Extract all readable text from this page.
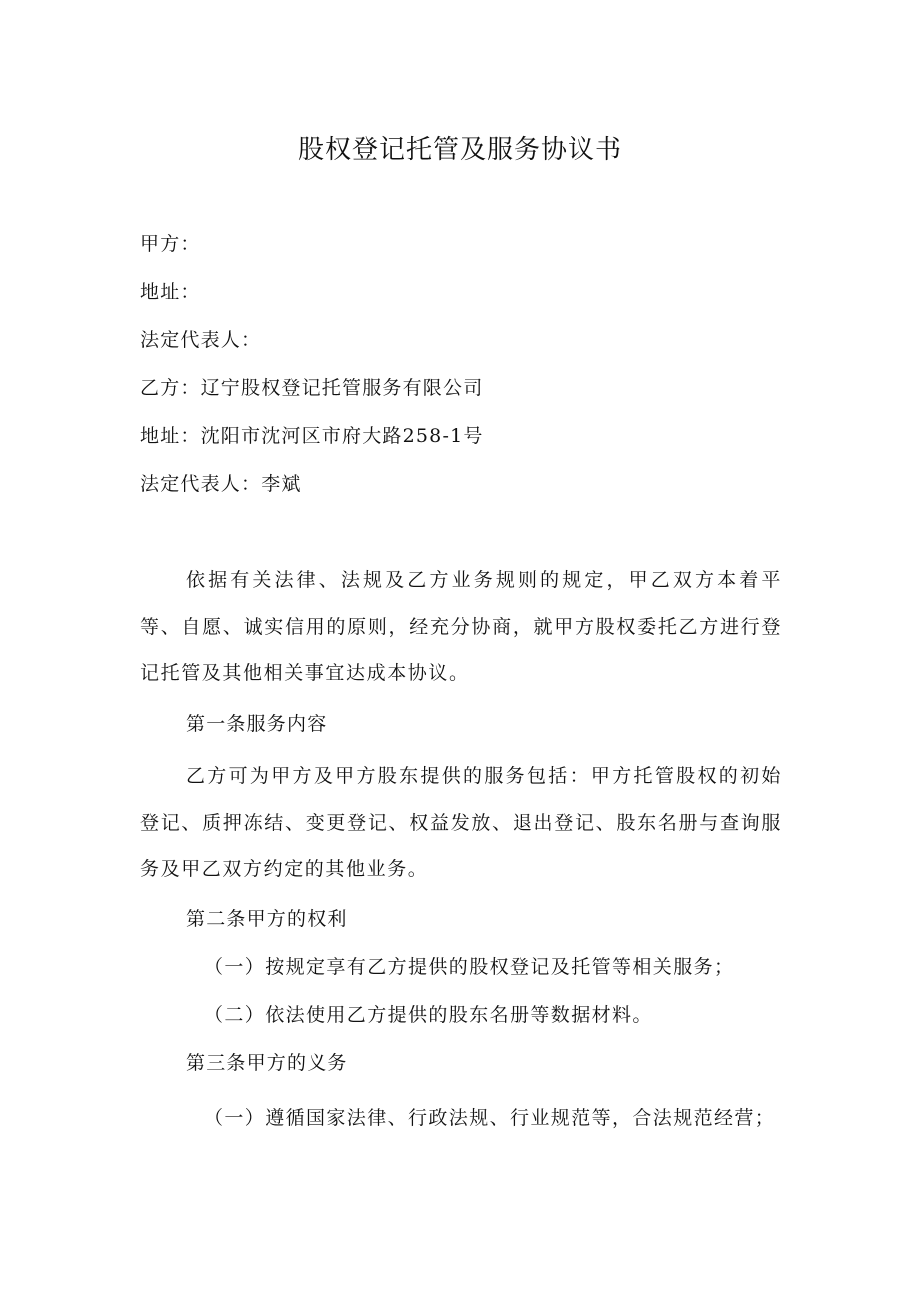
股权登记托管及服务协议书
甲方：
地址：
法定代表人：
乙方：辽宁股权登记托管服务有限公司
地址：沈阳市沈河区市府大路258-1号
法定代表人：李斌
依据有关法律、法规及乙方业务规则的规定，甲乙双方本着平等、自愿、诚实信用的原则，经充分协商，就甲方股权委托乙方进行登记托管及其他相关事宜达成本协议。
第一条服务内容
乙方可为甲方及甲方股东提供的服务包括：甲方托管股权的初始登记、质押冻结、变更登记、权益发放、退出登记、股东名册与查询服务及甲乙双方约定的其他业务。
第二条甲方的权利
（一）按规定享有乙方提供的股权登记及托管等相关服务；
（二）依法使用乙方提供的股东名册等数据材料。
第三条甲方的义务
（一）遵循国家法律、行政法规、行业规范等，合法规范经营；
